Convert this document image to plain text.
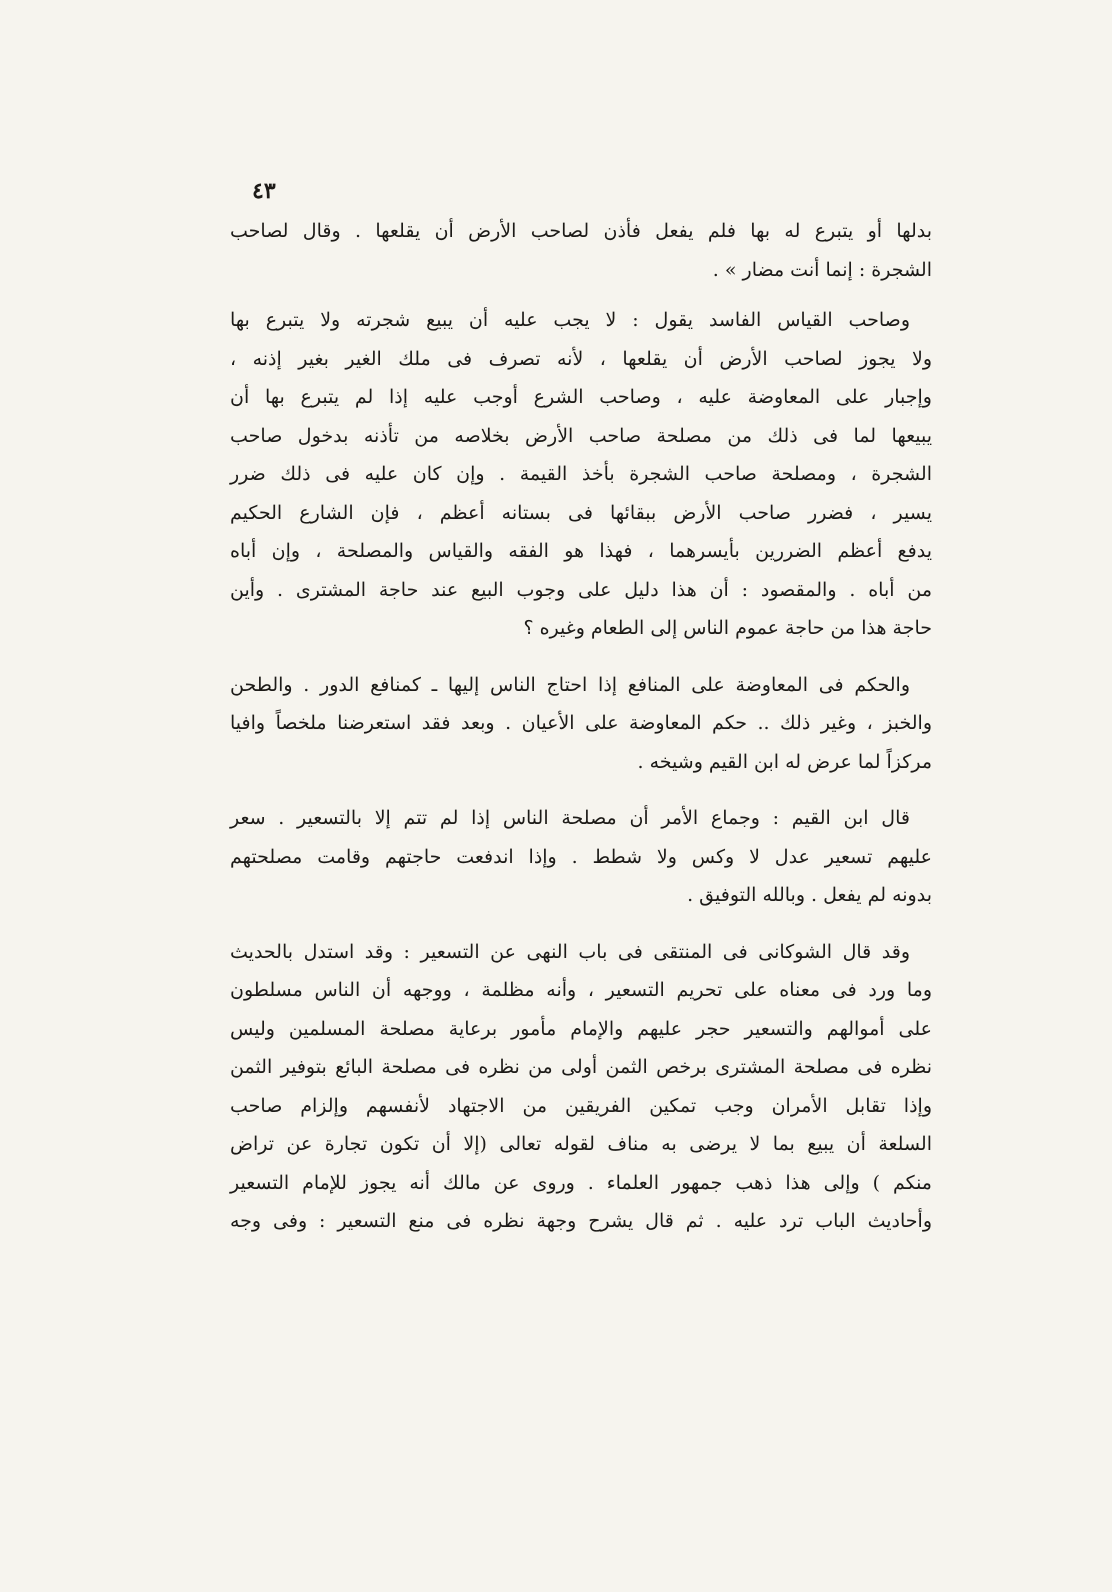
٤٣
بدلها أو يتبرع له بها فلم يفعل فأذن لصاحب الأرض أن يقلعها . وقال لصاحب
الشجرة : إنما أنت مضار » .
وصاحب القياس الفاسد يقول : لا يجب عليه أن يبيع شجرته ولا يتبرع بها
ولا يجوز لصاحب الأرض أن يقلعها ، لأنه تصرف فى ملك الغير بغير إذنه ،
وإجبار على المعاوضة عليه ، وصاحب الشرع أوجب عليه إذا لم يتبرع بها أن
يبيعها لما فى ذلك من مصلحة صاحب الأرض بخلاصه من تأذنه بدخول صاحب
الشجرة ، ومصلحة صاحب الشجرة بأخذ القيمة . وإن كان عليه فى ذلك ضرر
يسير ، فضرر صاحب الأرض ببقائها فى بستانه أعظم ، فإن الشارع الحكيم
يدفع أعظم الضررين بأيسرهما ، فهذا هو الفقه والقياس والمصلحة ، وإن أباه
من أباه . والمقصود : أن هذا دليل على وجوب البيع عند حاجة المشترى . وأين
حاجة هذا من حاجة عموم الناس إلى الطعام وغيره ؟
والحكم فى المعاوضة على المنافع إذا احتاج الناس إليها ـ كمنافع الدور . والطحن
والخبز ، وغير ذلك .. حكم المعاوضة على الأعيان . وبعد فقد استعرضنا ملخصاً وافيا
مركزاً لما عرض له ابن القيم وشيخه .
قال ابن القيم : وجماع الأمر أن مصلحة الناس إذا لم تتم إلا بالتسعير . سعر
عليهم تسعير عدل لا وكس ولا شطط . وإذا اندفعت حاجتهم وقامت مصلحتهم
بدونه لم يفعل . وبالله التوفيق .
وقد قال الشوكانى فى المنتقى فى باب النهى عن التسعير : وقد استدل بالحديث
وما ورد فى معناه على تحريم التسعير ، وأنه مظلمة ، ووجهه أن الناس مسلطون
على أموالهم والتسعير حجر عليهم والإمام مأمور برعاية مصلحة المسلمين وليس
نظره فى مصلحة المشترى برخص الثمن أولى من نظره فى مصلحة البائع بتوفير الثمن
وإذا تقابل الأمران وجب تمكين الفريقين من الاجتهاد لأنفسهم وإلزام صاحب
السلعة أن يبيع بما لا يرضى به مناف لقوله تعالى (إلا أن تكون تجارة عن تراض
منكم ) وإلى هذا ذهب جمهور العلماء . وروى عن مالك أنه يجوز للإمام التسعير
وأحاديث الباب ترد عليه . ثم قال يشرح وجهة نظره فى منع التسعير : وفى وجه
